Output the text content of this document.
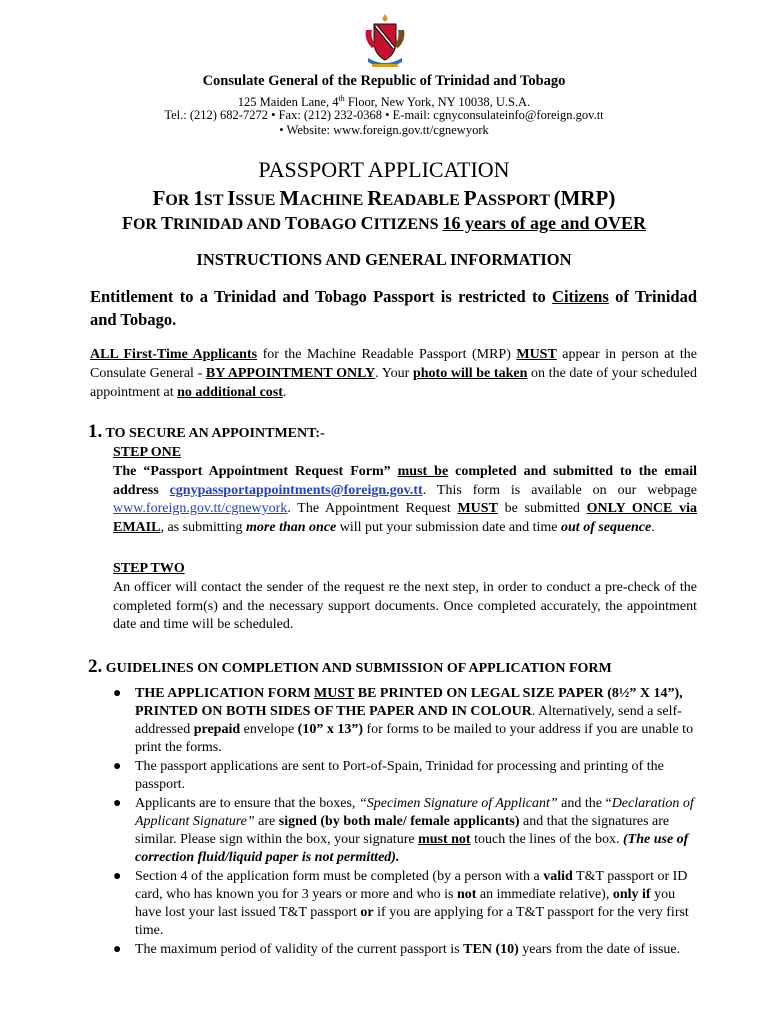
Consulate General of the Republic of Trinidad and Tobago
125 Maiden Lane, 4th Floor, New York, NY 10038, U.S.A.
Tel.: (212) 682-7272 • Fax: (212) 232-0368 • E-mail: cgnyconsulateinfo@foreign.gov.tt
• Website: www.foreign.gov.tt/cgnewyork
PASSPORT APPLICATION
FOR 1ST ISSUE MACHINE READABLE PASSPORT (MRP)
FOR TRINIDAD AND TOBAGO CITIZENS 16 years of age and OVER
INSTRUCTIONS AND GENERAL INFORMATION
Entitlement to a Trinidad and Tobago Passport is restricted to Citizens of Trinidad and Tobago.
ALL First-Time Applicants for the Machine Readable Passport (MRP) MUST appear in person at the Consulate General - BY APPOINTMENT ONLY. Your photo will be taken on the date of your scheduled appointment at no additional cost.
1. TO SECURE AN APPOINTMENT:-
STEP ONE
The “Passport Appointment Request Form” must be completed and submitted to the email address cgnypassportappointments@foreign.gov.tt. This form is available on our webpage www.foreign.gov.tt/cgnewyork. The Appointment Request MUST be submitted ONLY ONCE via EMAIL, as submitting more than once will put your submission date and time out of sequence.
STEP TWO
An officer will contact the sender of the request re the next step, in order to conduct a pre-check of the completed form(s) and the necessary support documents. Once completed accurately, the appointment date and time will be scheduled.
2. GUIDELINES ON COMPLETION AND SUBMISSION OF APPLICATION FORM
● THE APPLICATION FORM MUST BE PRINTED ON LEGAL SIZE PAPER (8½” X 14”), PRINTED ON BOTH SIDES OF THE PAPER AND IN COLOUR. Alternatively, send a self-addressed prepaid envelope (10” x 13”) for forms to be mailed to your address if you are unable to print the forms.
● The passport applications are sent to Port-of-Spain, Trinidad for processing and printing of the passport.
● Applicants are to ensure that the boxes, “Specimen Signature of Applicant” and the “Declaration of Applicant Signature” are signed (by both male/ female applicants) and that the signatures are similar. Please sign within the box, your signature must not touch the lines of the box. (The use of correction fluid/liquid paper is not permitted).
● Section 4 of the application form must be completed (by a person with a valid T&T passport or ID card, who has known you for 3 years or more and who is not an immediate relative), only if you have lost your last issued T&T passport or if you are applying for a T&T passport for the very first time.
● The maximum period of validity of the current passport is TEN (10) years from the date of issue.
